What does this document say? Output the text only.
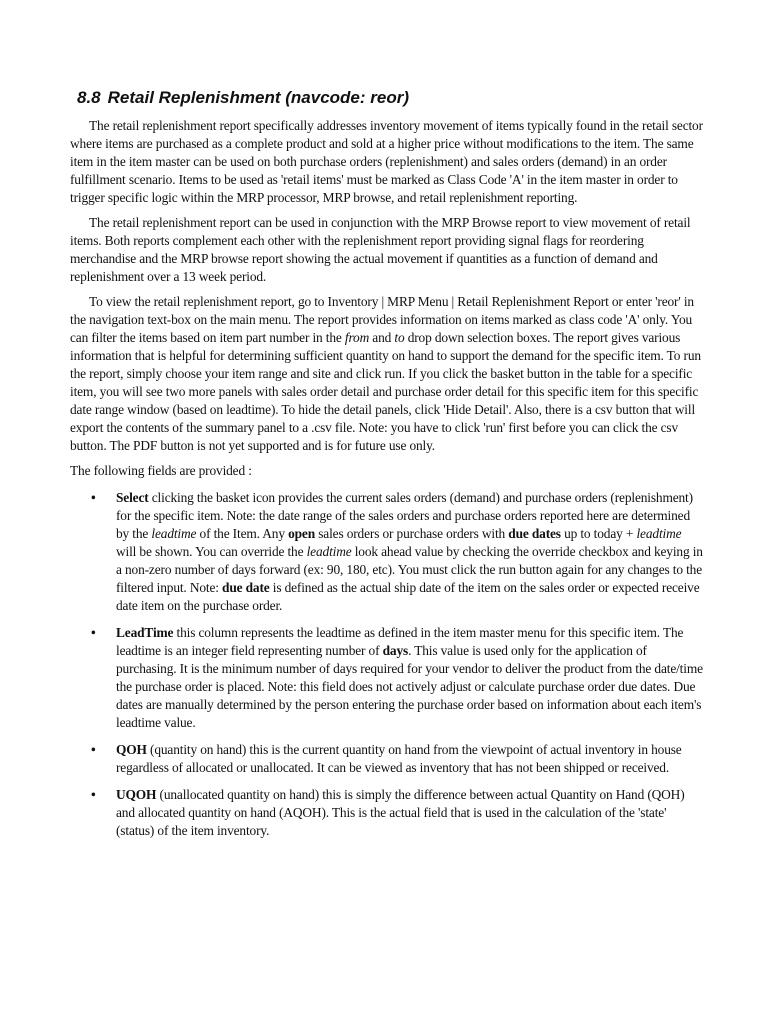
8.8 Retail Replenishment (navcode: reor)

The retail replenishment report specifically addresses inventory movement of items typically found in the retail sector where items are purchased as a complete product and sold at a higher price without modifications to the item. The same item in the item master can be used on both purchase orders (replenishment) and sales orders (demand) in an order fulfillment scenario. Items to be used as 'retail items' must be marked as Class Code 'A' in the item master in order to trigger specific logic within the MRP processor, MRP browse, and retail replenishment reporting.

The retail replenishment report can be used in conjunction with the MRP Browse report to view movement of retail items. Both reports complement each other with the replenishment report providing signal flags for reordering merchandise and the MRP browse report showing the actual movement if quantities as a function of demand and replenishment over a 13 week period.

To view the retail replenishment report, go to Inventory | MRP Menu | Retail Replenishment Report or enter 'reor' in the navigation text-box on the main menu. The report provides information on items marked as class code 'A' only. You can filter the items based on item part number in the from and to drop down selection boxes. The report gives various information that is helpful for determining sufficient quantity on hand to support the demand for the specific item. To run the report, simply choose your item range and site and click run. If you click the basket button in the table for a specific item, you will see two more panels with sales order detail and purchase order detail for this specific item for this specific date range window (based on leadtime). To hide the detail panels, click 'Hide Detail'. Also, there is a csv button that will export the contents of the summary panel to a .csv file. Note: you have to click 'run' first before you can click the csv button. The PDF button is not yet supported and is for future use only.

The following fields are provided :

• Select clicking the basket icon provides the current sales orders (demand) and purchase orders (replenishment) for the specific item. Note: the date range of the sales orders and purchase orders reported here are determined by the leadtime of the Item. Any open sales orders or purchase orders with due dates up to today + leadtime will be shown. You can override the leadtime look ahead value by checking the override checkbox and keying in a non-zero number of days forward (ex: 90, 180, etc). You must click the run button again for any changes to the filtered input. Note: due date is defined as the actual ship date of the item on the sales order or expected receive date item on the purchase order.
• LeadTime this column represents the leadtime as defined in the item master menu for this specific item. The leadtime is an integer field representing number of days. This value is used only for the application of purchasing. It is the minimum number of days required for your vendor to deliver the product from the date/time the purchase order is placed. Note: this field does not actively adjust or calculate purchase order due dates. Due dates are manually determined by the person entering the purchase order based on information about each item's leadtime value.
• QOH (quantity on hand) this is the current quantity on hand from the viewpoint of actual inventory in house regardless of allocated or unallocated. It can be viewed as inventory that has not been shipped or received.
• UQOH (unallocated quantity on hand) this is simply the difference between actual Quantity on Hand (QOH) and allocated quantity on hand (AQOH). This is the actual field that is used in the calculation of the 'state' (status) of the item inventory.
